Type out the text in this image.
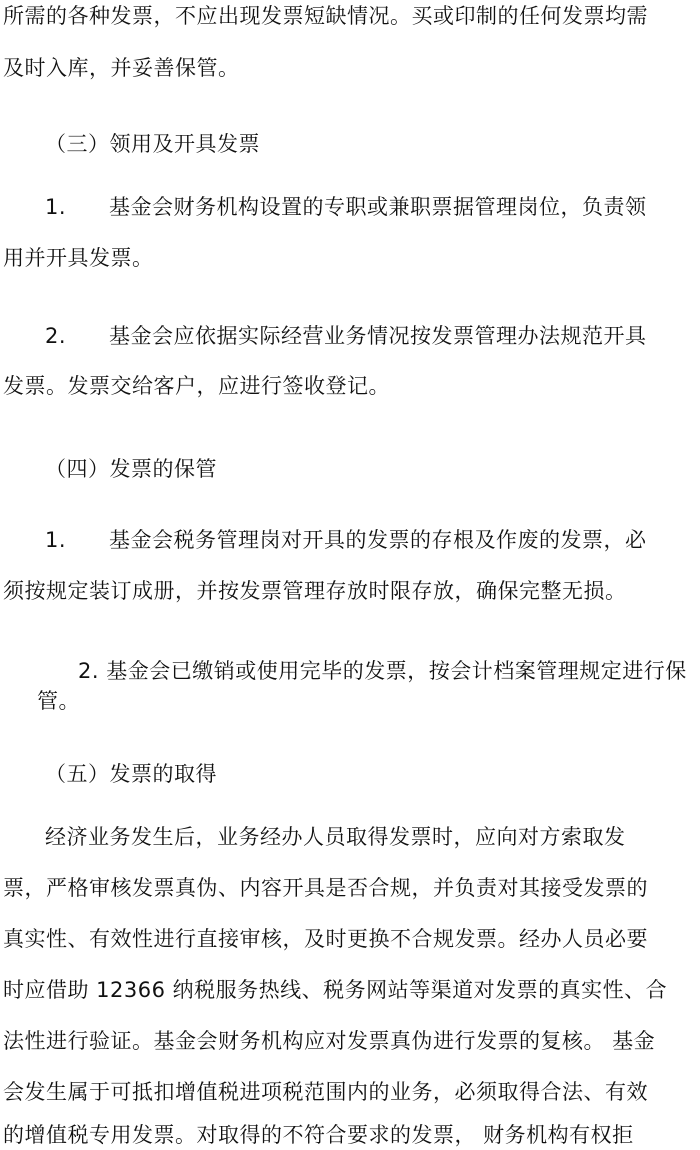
所需的各种发票，不应出现发票短缺情况。买或印制的任何发票均需
及时入库，并妥善保管。
（三）领用及开具发票
1.　　基金会财务机构设置的专职或兼职票据管理岗位，负责领
用并开具发票。
2.　　基金会应依据实际经营业务情况按发票管理办法规范开具
发票。发票交给客户，应进行签收登记。
（四）发票的保管
1.　　基金会税务管理岗对开具的发票的存根及作废的发票，必
须按规定装订成册，并按发票管理存放时限存放，确保完整无损。
2. 基金会已缴销或使用完毕的发票，按会计档案管理规定进行保
管。
（五）发票的取得
经济业务发生后，业务经办人员取得发票时，应向对方索取发
票，严格审核发票真伪、内容开具是否合规，并负责对其接受发票的
真实性、有效性进行直接审核，及时更换不合规发票。经办人员必要
时应借助 12366 纳税服务热线、税务网站等渠道对发票的真实性、合
法性进行验证。基金会财务机构应对发票真伪进行发票的复核。 基金
会发生属于可抵扣增值税进项税范围内的业务，必须取得合法、有效
的增值税专用发票。对取得的不符合要求的发票， 财务机构有权拒
